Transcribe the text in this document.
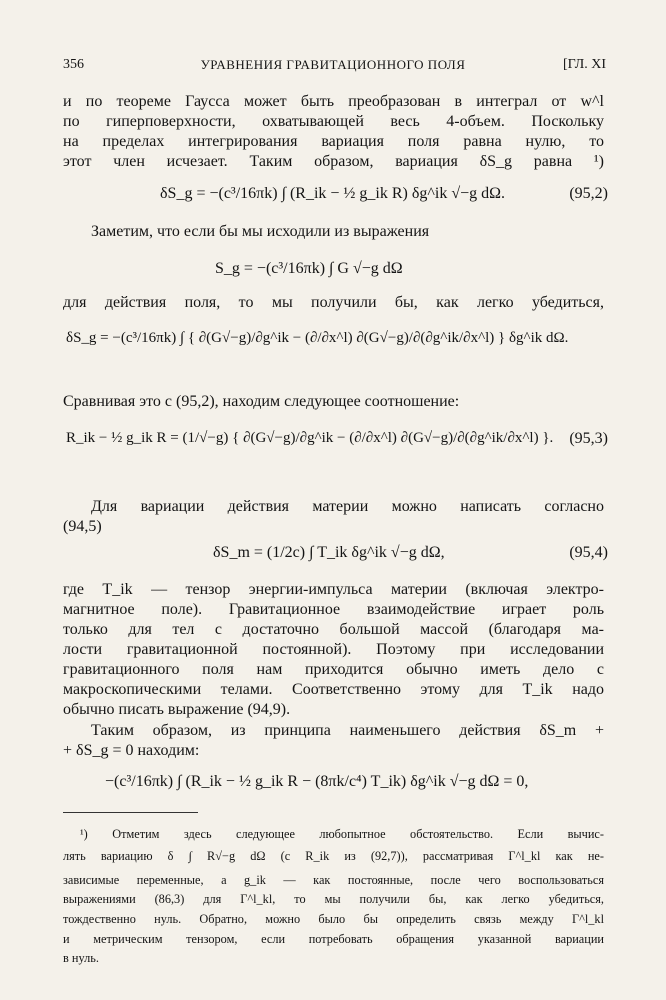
356	УРАВНЕНИЯ ГРАВИТАЦИОННОГО ПОЛЯ	[ГЛ. XI
и по теореме Гаусса может быть преобразован в интеграл от w^l
по гиперповерхности, охватывающей весь 4-объем. Поскольку
на пределах интегрирования вариация поля равна нулю, то
этот член исчезает. Таким образом, вариация δS_g равна ¹)
δS_g = −(c³/16πk) ∫ (R_ik − ½ g_ik R) δg^ik √−g dΩ.	(95,2)
Заметим, что если бы мы исходили из выражения
S_g = −(c³/16πk) ∫ G √−g dΩ
для действия поля, то мы получили бы, как легко убедиться,
δS_g = −(c³/16πk) ∫ { ∂(G√−g)/∂g^ik − (∂/∂x^l) ∂(G√−g)/∂(∂g^ik/∂x^l) } δg^ik dΩ.
Сравнивая это с (95,2), находим следующее соотношение:
R_ik − ½ g_ik R = (1/√−g) { ∂(G√−g)/∂g^ik − (∂/∂x^l) ∂(G√−g)/∂(∂g^ik/∂x^l) }. (95,3)
Для вариации действия материи можно написать согласно
(94,5)
δS_m = (1/2c) ∫ T_ik δg^ik √−g dΩ,	(95,4)
где T_ik — тензор энергии-импульса материи (включая электро-
магнитное поле). Гравитационное взаимодействие играет роль
только для тел с достаточно большой массой (благодаря ма-
лости гравитационной постоянной). Поэтому при исследовании
гравитационного поля нам приходится обычно иметь дело с
макроскопическими телами. Соответственно этому для T_ik надо
обычно писать выражение (94,9).
Таким образом, из принципа наименьшего действия δS_m +
+ δS_g = 0 находим:
−(c³/16πk) ∫ (R_ik − ½ g_ik R − (8πk/c⁴) T_ik) δg^ik √−g dΩ = 0,
¹) Отметим здесь следующее любопытное обстоятельство. Если вычис-
лять вариацию δ ∫ R√−g dΩ (с R_ik из (92,7)), рассматривая Γ^l_kl как не-
зависимые переменные, а g_ik — как постоянные, после чего воспользоваться
выражениями (86,3) для Γ^l_kl, то мы получили бы, как легко убедиться,
тождественно нуль. Обратно, можно было бы определить связь между Γ^l_kl
и метрическим тензором, если потребовать обращения указанной вариации
в нуль.
